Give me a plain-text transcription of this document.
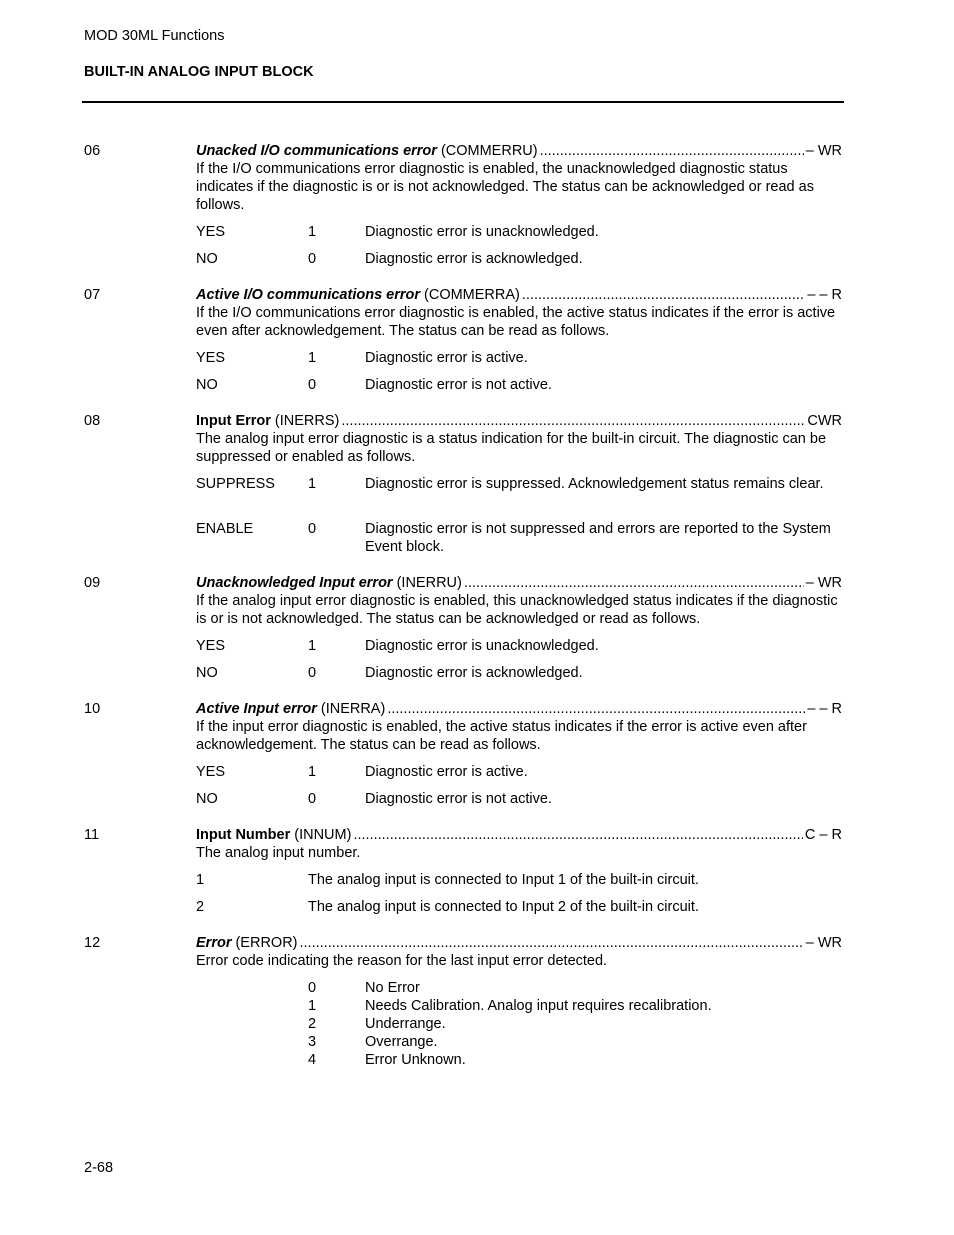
MOD 30ML Functions
BUILT-IN ANALOG INPUT BLOCK
06	Unacked I/O communications error (COMMERRU) .....	– WR
If the I/O communications error diagnostic is enabled, the unacknowledged diagnostic status indicates if the diagnostic is or is not acknowledged. The status can be acknowledged or read as follows.
YES	1	Diagnostic error is unacknowledged.
NO	0	Diagnostic error is acknowledged.
07	Active I/O communications error (COMMERRA) .....	– – R
If the I/O communications error diagnostic is enabled, the active status indicates if the error is active even after acknowledgement. The status can be read as follows.
YES	1	Diagnostic error is active.
NO	0	Diagnostic error is not active.
08	Input Error (INERRS) .....	CWR
The analog input error diagnostic is a status indication for the built-in circuit. The diagnostic can be suppressed or enabled as follows.
SUPPRESS 1	Diagnostic error is suppressed. Acknowledgement status remains clear.
ENABLE	0	Diagnostic error is not suppressed and errors are reported to the System Event block.
09	Unacknowledged Input error (INERRU) .....	– WR
If the analog input error diagnostic is enabled, this unacknowledged status indicates if the diagnostic is or is not acknowledged. The status can be acknowledged or read as follows.
YES	1	Diagnostic error is unacknowledged.
NO	0	Diagnostic error is acknowledged.
10	Active Input error (INERRA) .....	– – R
If the input error diagnostic is enabled, the active status indicates if the error is active even after acknowledgement. The status can be read as follows.
YES	1	Diagnostic error is active.
NO	0	Diagnostic error is not active.
11	Input Number (INNUM) .....	C – R
The analog input number.
1	The analog input is connected to Input 1 of the built-in circuit.
2	The analog input is connected to Input 2 of the built-in circuit.
12	Error (ERROR) .....	– WR
Error code indicating the reason for the last input error detected.
0	No Error
1	Needs Calibration. Analog input requires recalibration.
2	Underrange.
3	Overrange.
4	Error Unknown.
2-68
